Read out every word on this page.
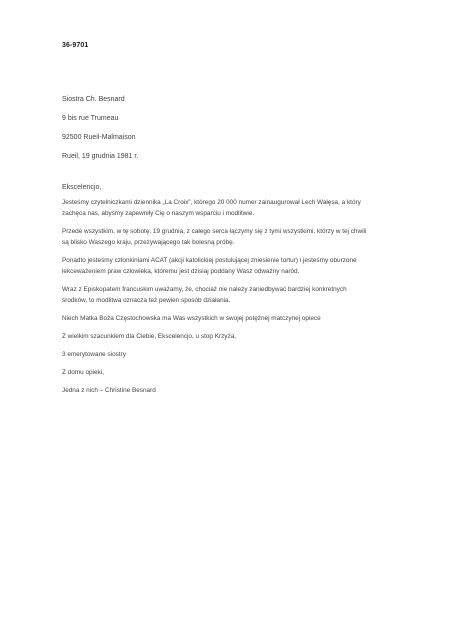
36-9701
Siostra Ch. Besnard
9 bis rue Trumeau
92500 Rueil-Malmaison
Rueil, 19 grudnia 1981 r.
Ekscelencjo,
Jesteśmy czytelniczkami dziennika „La Croix”, którego 20 000 numer zainaugurował Lech Wałęsa, a który
zachęca nas, abyśmy zapewniły Cię o naszym wsparciu i modlitwie.
Przede wszystkim, w tę sobotę, 19 grudnia, z całego serca łączymy się z tymi wszystkimi, którzy w tej chwili
są blisko Waszego kraju, przeżywającego tak bolesną próbę.
Ponadto jesteśmy członkiniami ACAT (akcji katolickiej postulującej zniesienie tortur) i jesteśmy oburzone
lekceważeniem praw człowieka, któremu jest dzisiaj poddany Wasz odważny naród.
Wraz z Episkopatem francuskim uważamy, że, chociaż nie należy zaniedbywać bardziej konkretnych
środków, to modlitwa oznacza też pewien sposób działania.
Niech Matka Boża Częstochowska ma Was wszystkich w swojej potężnej matczynej opiece
Z wielkim szacunkiem dla Ciebie, Ekscelencjo, u stop Krzyża,
3 emerytowane siostry
Z domu opieki,
Jedna z nich – Christine Besnard
